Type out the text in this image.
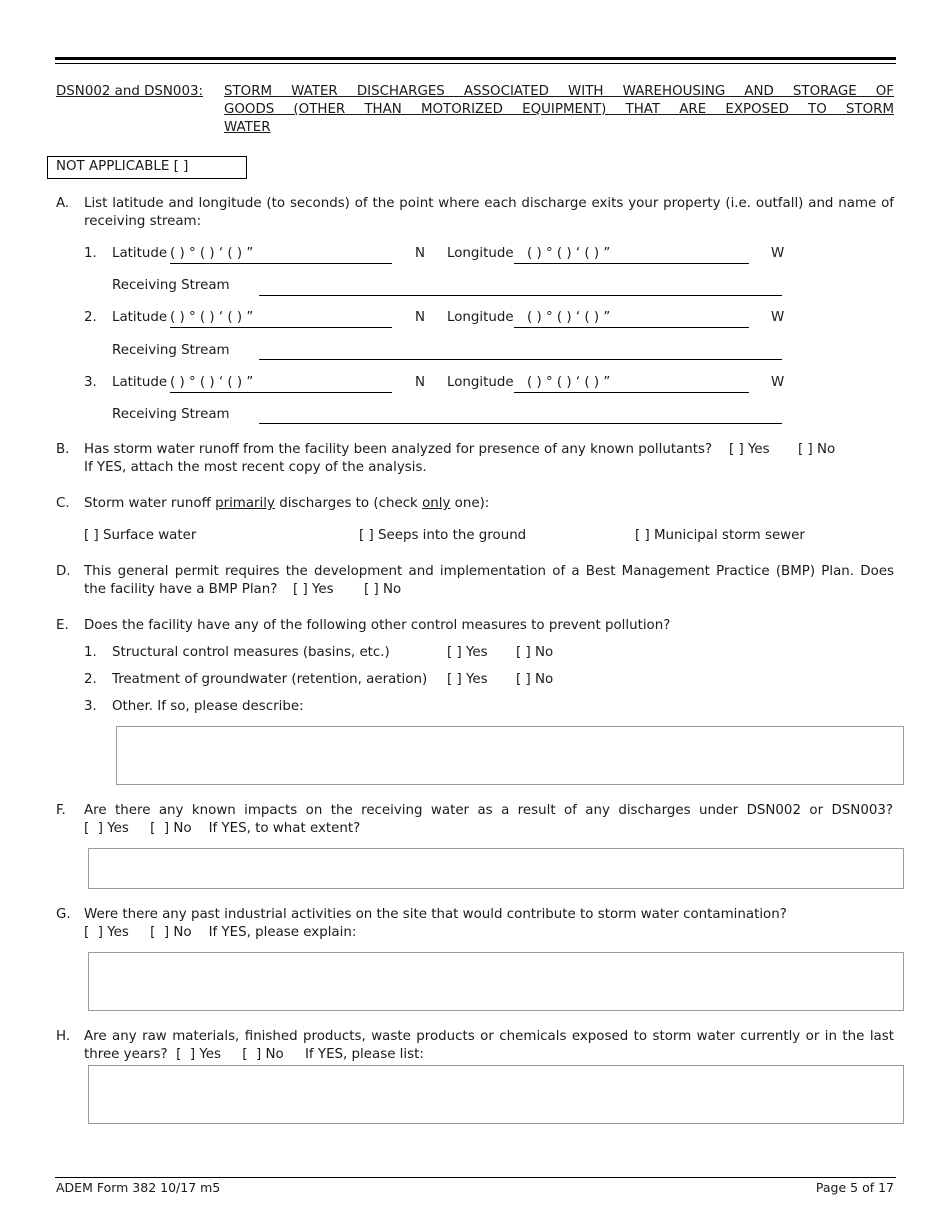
DSN002 and DSN003: STORM WATER DISCHARGES ASSOCIATED WITH WAREHOUSING AND STORAGE OF
GOODS (OTHER THAN MOTORIZED EQUIPMENT) THAT ARE EXPOSED TO STORM
WATER
NOT APPLICABLE [ ]
A. List latitude and longitude (to seconds) of the point where each discharge exits your property (i.e. outfall) and name of
receiving stream:
1. Latitude ( ) ° ( ) ‘ ( ) ”	N Longitude ( ) ° ( ) ‘ ( ) ”	W
Receiving Stream
2. Latitude ( ) ° ( ) ‘ ( ) ”	N Longitude ( ) ° ( ) ‘ ( ) ”	W
Receiving Stream
3. Latitude ( ) ° ( ) ‘ ( ) ”	N Longitude ( ) ° ( ) ‘ ( ) ”	W
Receiving Stream
B. Has storm water runoff from the facility been analyzed for presence of any known pollutants? [ ] Yes [ ] No
If YES, attach the most recent copy of the analysis.
C. Storm water runoff primarily discharges to (check only one):
[ ] Surface water	[ ] Seeps into the ground	[ ] Municipal storm sewer
D. This general permit requires the development and implementation of a Best Management Practice (BMP) Plan. Does
the facility have a BMP Plan? [ ] Yes [ ] No
E. Does the facility have any of the following other control measures to prevent pollution?
1. Structural control measures (basins, etc.)	[ ] Yes [ ] No
2. Treatment of groundwater (retention, aeration) [ ] Yes [ ] No
3. Other. If so, please describe:
F. Are there any known impacts on the receiving water as a result of any discharges under DSN002 or DSN003?
[  ] Yes     [  ] No    If YES, to what extent?
G. Were there any past industrial activities on the site that would contribute to storm water contamination?
[  ] Yes     [  ] No    If YES, please explain:
H. Are any raw materials, finished products, waste products or chemicals exposed to storm water currently or in the last
three years?  [  ] Yes     [  ] No     If YES, please list:
ADEM Form 382 10/17 m5	Page 5 of 17
